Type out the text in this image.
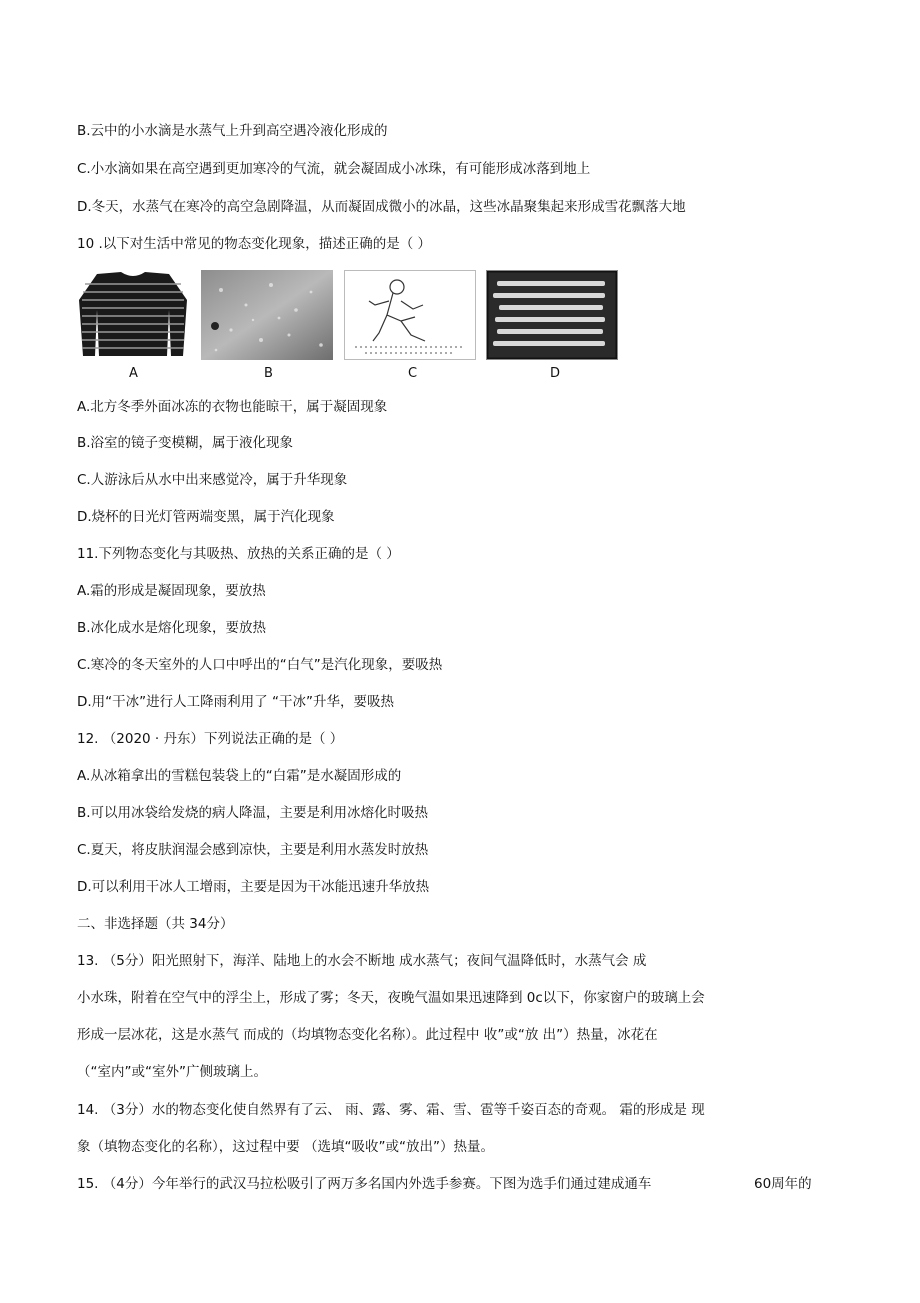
B.云中的小水滴是水蒸气上升到高空遇冷液化形成的
C.小水滴如果在高空遇到更加寒冷的气流，就会凝固成小冰珠，有可能形成冰落到地上
D.冬天，水蒸气在寒冷的高空急剧降温，从而凝固成微小的冰晶，这些冰晶聚集起来形成雪花飘落大地
10 .以下对生活中常见的物态变化现象，描述正确的是（ ）
A	B	C	D
A.北方冬季外面冰冻的衣物也能晾干，属于凝固现象
B.浴室的镜子变模糊，属于液化现象
C.人游泳后从水中出来感觉冷，属于升华现象
D.烧杯的日光灯管两端变黑，属于汽化现象
11.下列物态变化与其吸热、放热的关系正确的是（ ）
A.霜的形成是凝固现象，要放热
B.冰化成水是熔化现象，要放热
C.寒冷的冬天室外的人口中呼出的“白气”是汽化现象，要吸热
D.用“干冰”进行人工降雨利用了 “干冰”升华，要吸热
12. （2020 · 丹东）下列说法正确的是（ ）
A.从冰箱拿出的雪糕包装袋上的“白霜”是水凝固形成的
B.可以用冰袋给发烧的病人降温，主要是利用冰熔化时吸热
C.夏天，将皮肤润湿会感到凉快，主要是利用水蒸发时放热
D.可以利用干冰人工增雨，主要是因为干冰能迅速升华放热
二、非选择题（共 34分）
13. （5分）阳光照射下，海洋、陆地上的水会不断地 成水蒸气；夜间气温降低时，水蒸气会 成
小水珠，附着在空气中的浮尘上，形成了雾；冬天，夜晚气温如果迅速降到 0c以下，你家窗户的玻璃上会
形成一层冰花，这是水蒸气 而成的（均填物态变化名称）。此过程中 收”或“放 出”）热量，冰花在
（“室内”或“室外”广侧玻璃上。
14. （3分）水的物态变化使自然界有了云、 雨、露、雾、霜、雪、雹等千姿百态的奇观。 霜的形成是 现
象（填物态变化的名称），这过程中要 （选填“吸收”或“放出”）热量。
15. （4分）今年举行的武汉马拉松吸引了两万多名国内外选手参赛。下图为选手们通过建成通车	60周年的
